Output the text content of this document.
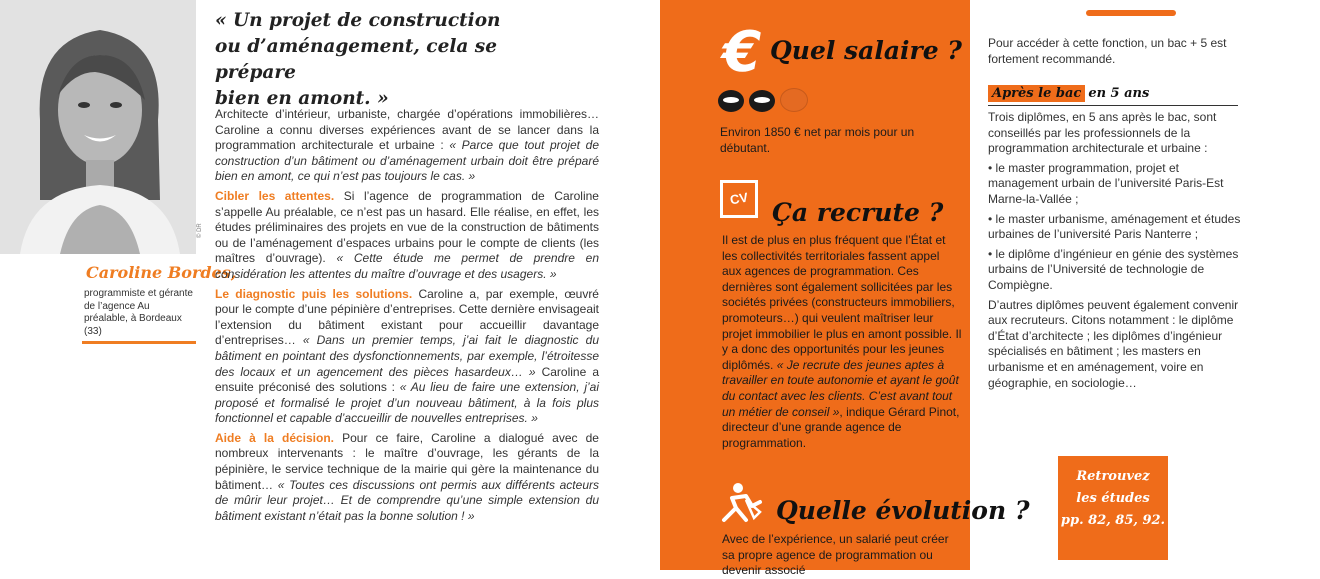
© DR
Caroline Bordes,
programmiste et gérante de l’agence Au préalable, à Bordeaux (33)
« Un projet de construction
ou d’aménagement, cela se prépare
bien en amont. »

Architecte d’intérieur, urbaniste, chargée d’opérations immobilières… Caroline a connu diverses expériences avant de se lancer dans la programmation architecturale et urbaine : « Parce que tout projet de construction d’un bâtiment ou d’aménagement urbain doit être préparé bien en amont, ce qui n’est pas toujours le cas. »

Cibler les attentes. Si l’agence de programmation de Caroline s’appelle Au préalable, ce n’est pas un hasard. Elle réalise, en effet, les études préliminaires des projets en vue de la construction de bâtiments ou de l’aménagement d’espaces urbains pour le compte de clients (les maîtres d’ouvrage). « Cette étude me permet de prendre en considération les attentes du maître d’ouvrage et des usagers. »

Le diagnostic puis les solutions. Caroline a, par exemple, œuvré pour le compte d’une pépinière d’entreprises. Cette dernière envisageait l’extension du bâtiment existant pour accueillir davantage d’entreprises… « Dans un premier temps, j’ai fait le diagnostic du bâtiment en pointant des dysfonctionnements, par exemple, l’étroitesse des locaux et un agencement des pièces hasardeux… » Caroline a ensuite préconisé des solutions : « Au lieu de faire une extension, j’ai proposé et formalisé le projet d’un nouveau bâtiment, à la fois plus fonctionnel et capable d’accueillir de nouvelles entreprises. »

Aide à la décision. Pour ce faire, Caroline a dialogué avec de nombreux intervenants : le maître d’ouvrage, les gérants de la pépinière, le service technique de la mairie qui gère la maintenance du bâtiment… « Toutes ces discussions ont permis aux différents acteurs de mûrir leur projet… Et de comprendre qu’une simple extension du bâtiment existant n’était pas la bonne solution ! »

€ Quel salaire ?
Environ 1850 € net par mois pour un débutant.
CV Ça recrute ?
Il est de plus en plus fréquent que l’État et les collectivités territoriales fassent appel aux agences de programmation. Ces dernières sont également sollicitées par les sociétés privées (constructeurs immobiliers, promoteurs…) qui veulent maîtriser leur projet immobilier le plus en amont possible. Il y a donc des opportunités pour les jeunes diplômés. « Je recrute des jeunes aptes à travailler en toute autonomie et ayant le goût du contact avec les clients. C’est avant tout un métier de conseil », indique Gérard Pinot, directeur d’une grande agence de programmation.
Quelle évolution ?
Avec de l’expérience, un salarié peut créer sa propre agence de programmation ou devenir associé
Pour accéder à cette fonction, un bac + 5 est fortement recommandé.
Après le bac en 5 ans

Trois diplômes, en 5 ans après le bac, sont conseillés par les professionnels de la programmation architecturale et urbaine :

• le master programmation, projet et management urbain de l’université Paris-Est Marne-la-Vallée ;

• le master urbanisme, aménagement et études urbaines de l’université Paris Nanterre ;

• le diplôme d’ingénieur en génie des systèmes urbains de l’Université de technologie de Compiègne.

D’autres diplômes peuvent également convenir aux recruteurs. Citons notamment : le diplôme d’État d’architecte ; les diplômes d’ingénieur spécialisés en bâtiment ; les masters en urbanisme et en aménagement, voire en géographie, en sociologie…

Retrouvez
les études
pp. 82, 85, 92.
